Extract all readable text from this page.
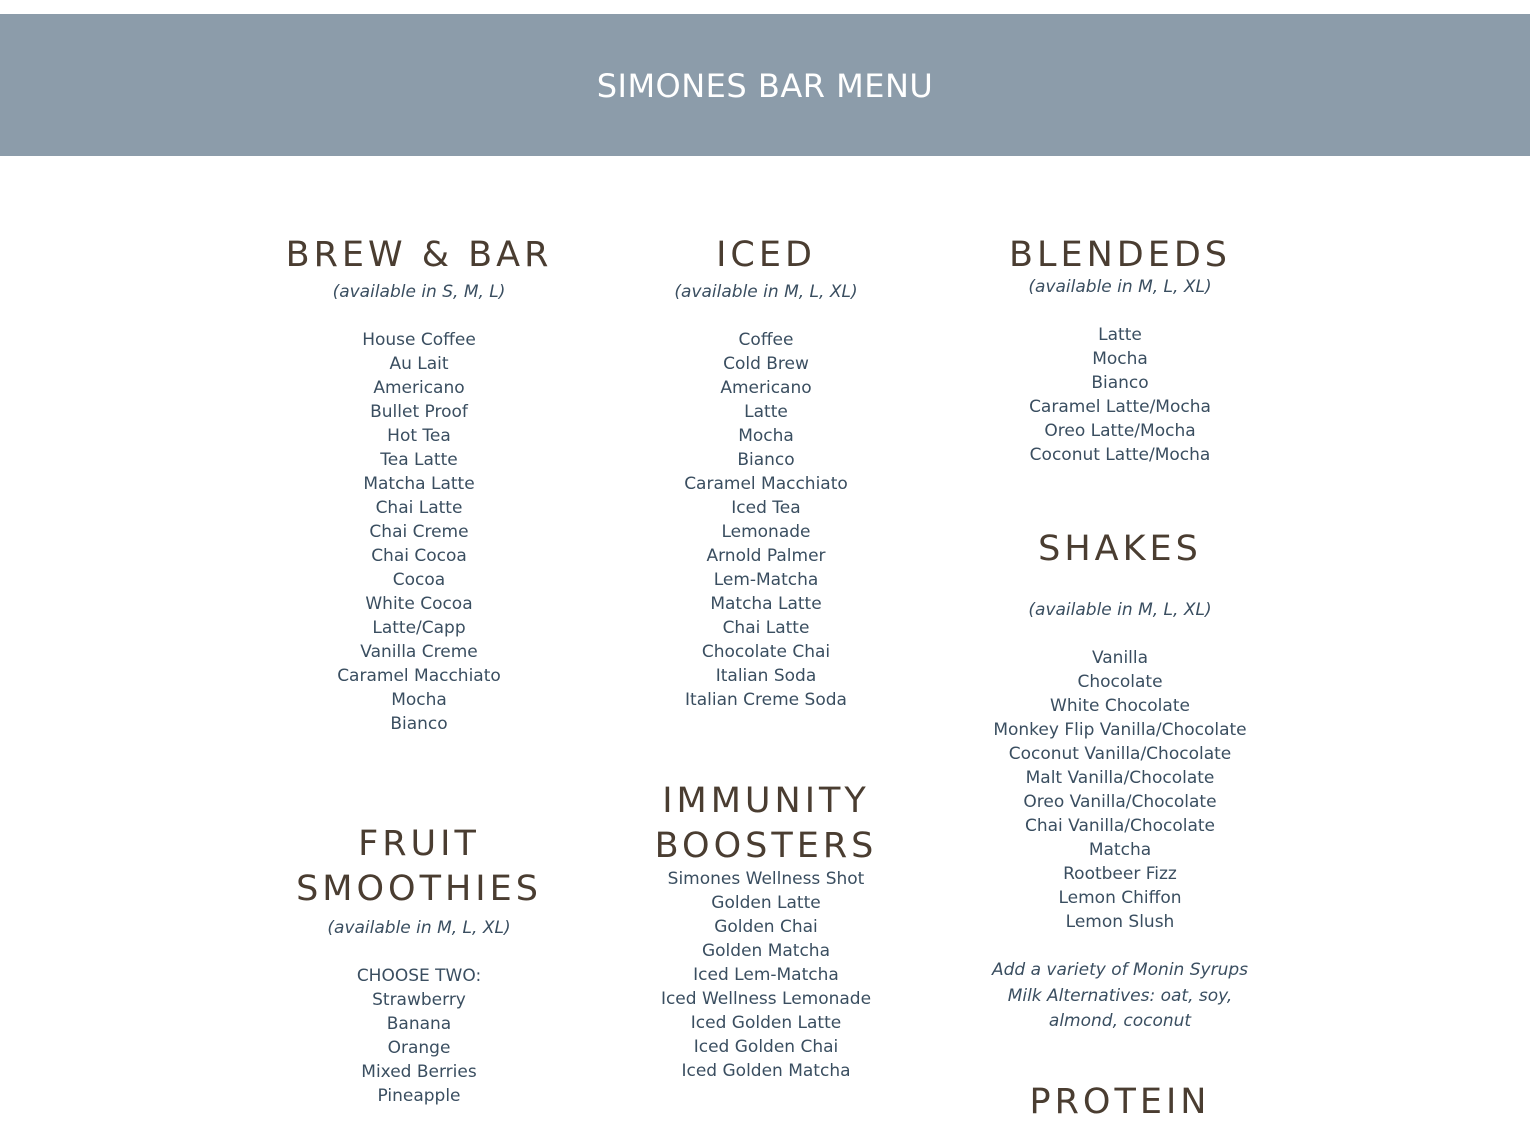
SIMONES BAR MENU
BREW & BAR
(available in S, M, L)
House Coffee
Au Lait
Americano
Bullet Proof
Hot Tea
Tea Latte
Matcha Latte
Chai Latte
Chai Creme
Chai Cocoa
Cocoa
White Cocoa
Latte/Capp
Vanilla Creme
Caramel Macchiato
Mocha
Bianco
ICED
(available in M, L, XL)
Coffee
Cold Brew
Americano
Latte
Mocha
Bianco
Caramel Macchiato
Iced Tea
Lemonade
Arnold Palmer
Lem-Matcha
Matcha Latte
Chai Latte
Chocolate Chai
Italian Soda
Italian Creme Soda
BLENDEDS
(available in M, L, XL)
Latte
Mocha
Bianco
Caramel Latte/Mocha
Oreo Latte/Mocha
Coconut Latte/Mocha
SHAKES
(available in M, L, XL)
Vanilla
Chocolate
White Chocolate
Monkey Flip Vanilla/Chocolate
Coconut Vanilla/Chocolate
Malt Vanilla/Chocolate
Oreo Vanilla/Chocolate
Chai Vanilla/Chocolate
Matcha
Rootbeer Fizz
Lemon Chiffon
Lemon Slush
Add a variety of Monin Syrups
Milk Alternatives: oat, soy, almond, coconut
FRUIT
SMOOTHIES
(available in M, L, XL)
CHOOSE TWO:
Strawberry
Banana
Orange
Mixed Berries
Pineapple
IMMUNITY
BOOSTERS
Simones Wellness Shot
Golden Latte
Golden Chai
Golden Matcha
Iced Lem-Matcha
Iced Wellness Lemonade
Iced Golden Latte
Iced Golden Chai
Iced Golden Matcha
PROTEIN
